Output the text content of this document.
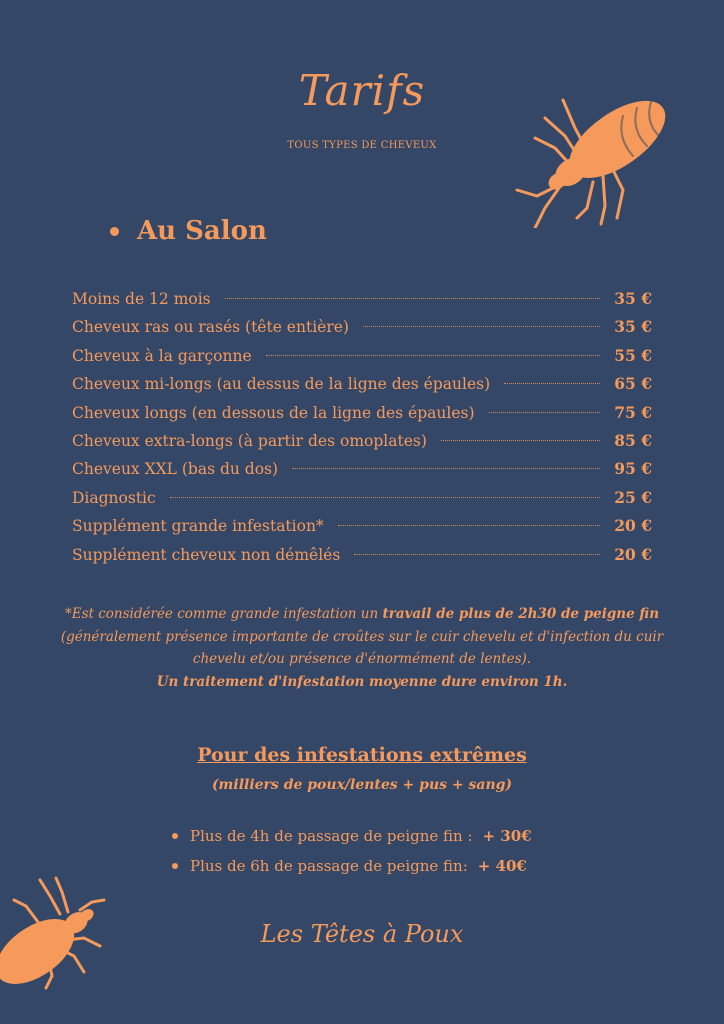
Tarifs
TOUS TYPES DE CHEVEUX
Au Salon
Moins de 12 mois	35 €
Cheveux ras ou rasés (tête entière)	35 €
Cheveux à la garçonne	55 €
Cheveux mi-longs (au dessus de la ligne des épaules)	65 €
Cheveux longs (en dessous de la ligne des épaules)	75 €
Cheveux extra-longs (à partir des omoplates)	85 €
Cheveux XXL (bas du dos)	95 €
Diagnostic	25 €
Supplément grande infestation*	20 €
Supplément cheveux non démêlés	20 €
*Est considérée comme grande infestation un travail de plus de 2h30 de peigne fin (généralement présence importante de croûtes sur le cuir chevelu et d'infection du cuir chevelu et/ou présence d'énormément de lentes).
Un traitement d'infestation moyenne dure environ 1h.
Pour des infestations extrêmes
(milliers de poux/lentes + pus + sang)
Plus de 4h de passage de peigne fin : + 30€
Plus de 6h de passage de peigne fin: + 40€
Les Têtes à Poux
